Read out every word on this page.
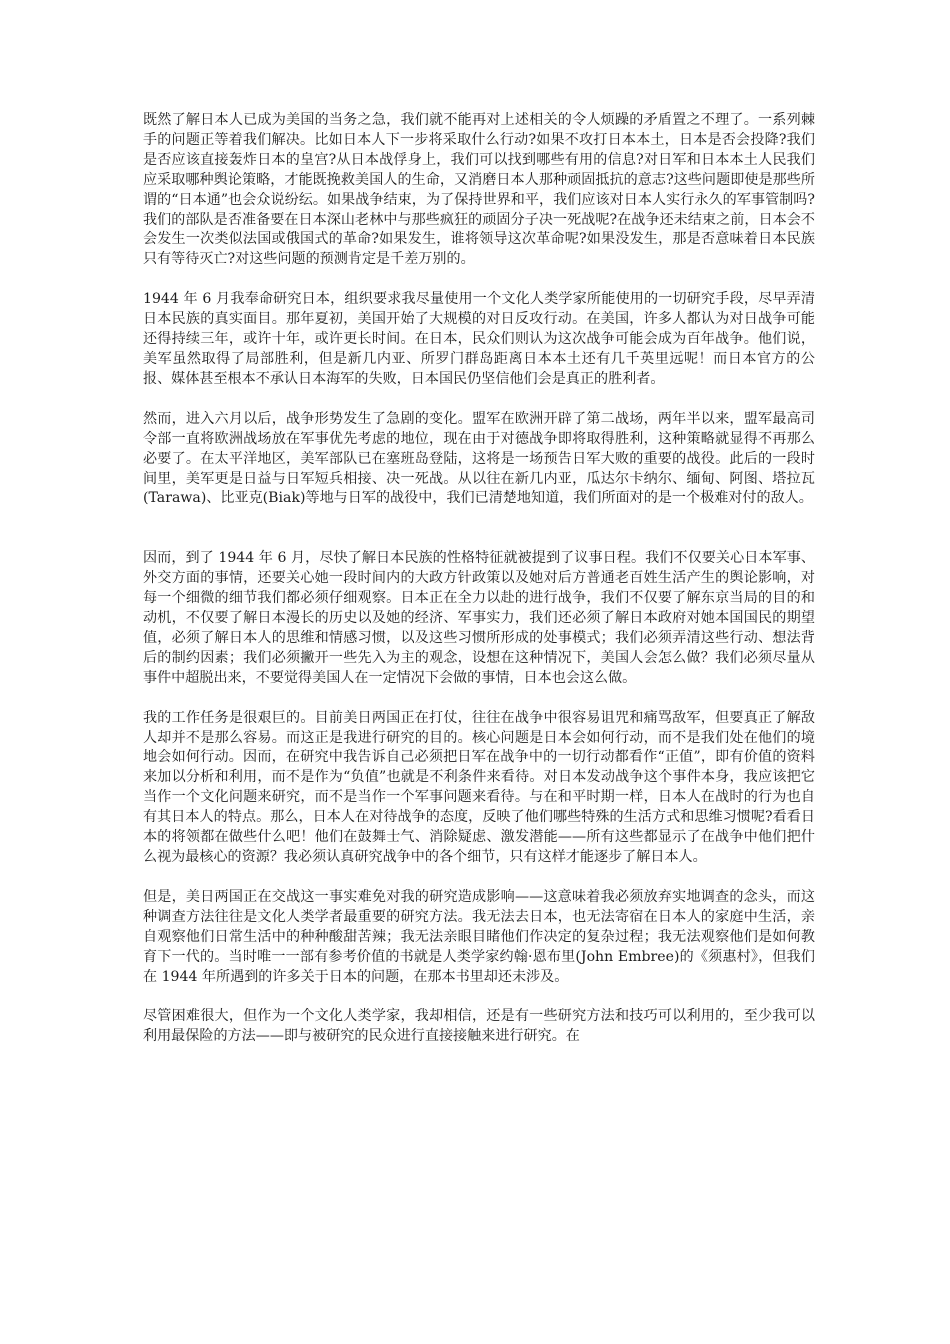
既然了解日本人已成为美国的当务之急，我们就不能再对上述相关的令人烦躁的矛盾置之不理了。一系列棘手的问题正等着我们解决。比如日本人下一步将采取什么行动?如果不攻打日本本土，日本是否会投降?我们是否应该直接轰炸日本的皇宫?从日本战俘身上，我们可以找到哪些有用的信息?对日军和日本本土人民我们应采取哪种舆论策略，才能既挽救美国人的生命，又消磨日本人那种顽固抵抗的意志?这些问题即使是那些所谓的“日本通”也会众说纷纭。如果战争结束，为了保持世界和平，我们应该对日本人实行永久的军事管制吗?我们的部队是否准备要在日本深山老林中与那些疯狂的顽固分子决一死战呢?在战争还未结束之前，日本会不会发生一次类似法国或俄国式的革命?如果发生，谁将领导这次革命呢?如果没发生，那是否意味着日本民族只有等待灭亡?对这些问题的预测肯定是千差万别的。

1944 年 6 月我奉命研究日本，组织要求我尽量使用一个文化人类学家所能使用的一切研究手段，尽早弄清日本民族的真实面目。那年夏初，美国开始了大规模的对日反攻行动。在美国，许多人都认为对日战争可能还得持续三年，或许十年，或许更长时间。在日本，民众们则认为这次战争可能会成为百年战争。他们说，美军虽然取得了局部胜利，但是新几内亚、所罗门群岛距离日本本土还有几千英里远呢！而日本官方的公报、媒体甚至根本不承认日本海军的失败，日本国民仍坚信他们会是真正的胜利者。

然而，进入六月以后，战争形势发生了急剧的变化。盟军在欧洲开辟了第二战场，两年半以来，盟军最高司令部一直将欧洲战场放在军事优先考虑的地位，现在由于对德战争即将取得胜利，这种策略就显得不再那么必要了。在太平洋地区，美军部队已在塞班岛登陆，这将是一场预告日军大败的重要的战役。此后的一段时间里，美军更是日益与日军短兵相接、决一死战。从以往在新几内亚，瓜达尔卡纳尔、缅甸、阿图、塔拉瓦(Tarawa)、比亚克(Biak)等地与日军的战役中，我们已清楚地知道，我们所面对的是一个极难对付的敌人。

因而，到了 1944 年 6 月，尽快了解日本民族的性格特征就被提到了议事日程。我们不仅要关心日本军事、外交方面的事情，还要关心她一段时间内的大政方针政策以及她对后方普通老百姓生活产生的舆论影响，对每一个细微的细节我们都必须仔细观察。日本正在全力以赴的进行战争，我们不仅要了解东京当局的目的和动机，不仅要了解日本漫长的历史以及她的经济、军事实力，我们还必须了解日本政府对她本国国民的期望值，必须了解日本人的思维和情感习惯，以及这些习惯所形成的处事模式；我们必须弄清这些行动、想法背后的制约因素；我们必须撇开一些先入为主的观念，设想在这种情况下，美国人会怎么做？我们必须尽量从事件中超脱出来，不要觉得美国人在一定情况下会做的事情，日本也会这么做。

我的工作任务是很艰巨的。目前美日两国正在打仗，往往在战争中很容易诅咒和痛骂敌军，但要真正了解敌人却并不是那么容易。而这正是我进行研究的目的。核心问题是日本会如何行动，而不是我们处在他们的境地会如何行动。因而，在研究中我告诉自己必须把日军在战争中的一切行动都看作“正值”，即有价值的资料来加以分析和利用，而不是作为“负值”也就是不利条件来看待。对日本发动战争这个事件本身，我应该把它当作一个文化问题来研究，而不是当作一个军事问题来看待。与在和平时期一样，日本人在战时的行为也自有其日本人的特点。那么，日本人在对待战争的态度，反映了他们哪些特殊的生活方式和思维习惯呢?看看日本的将领都在做些什么吧！他们在鼓舞士气、消除疑虑、激发潜能——所有这些都显示了在战争中他们把什么视为最核心的资源？我必须认真研究战争中的各个细节，只有这样才能逐步了解日本人。

但是，美日两国正在交战这一事实难免对我的研究造成影响——这意味着我必须放弃实地调查的念头，而这种调查方法往往是文化人类学者最重要的研究方法。我无法去日本，也无法寄宿在日本人的家庭中生活，亲自观察他们日常生活中的种种酸甜苦辣；我无法亲眼目睹他们作决定的复杂过程；我无法观察他们是如何教育下一代的。当时唯一一部有参考价值的书就是人类学家约翰·恩布里(John Embree)的《须惠村》，但我们在 1944 年所遇到的许多关于日本的问题，在那本书里却还未涉及。

尽管困难很大，但作为一个文化人类学家，我却相信，还是有一些研究方法和技巧可以利用的，至少我可以利用最保险的方法——即与被研究的民众进行直接接触来进行研究。在
